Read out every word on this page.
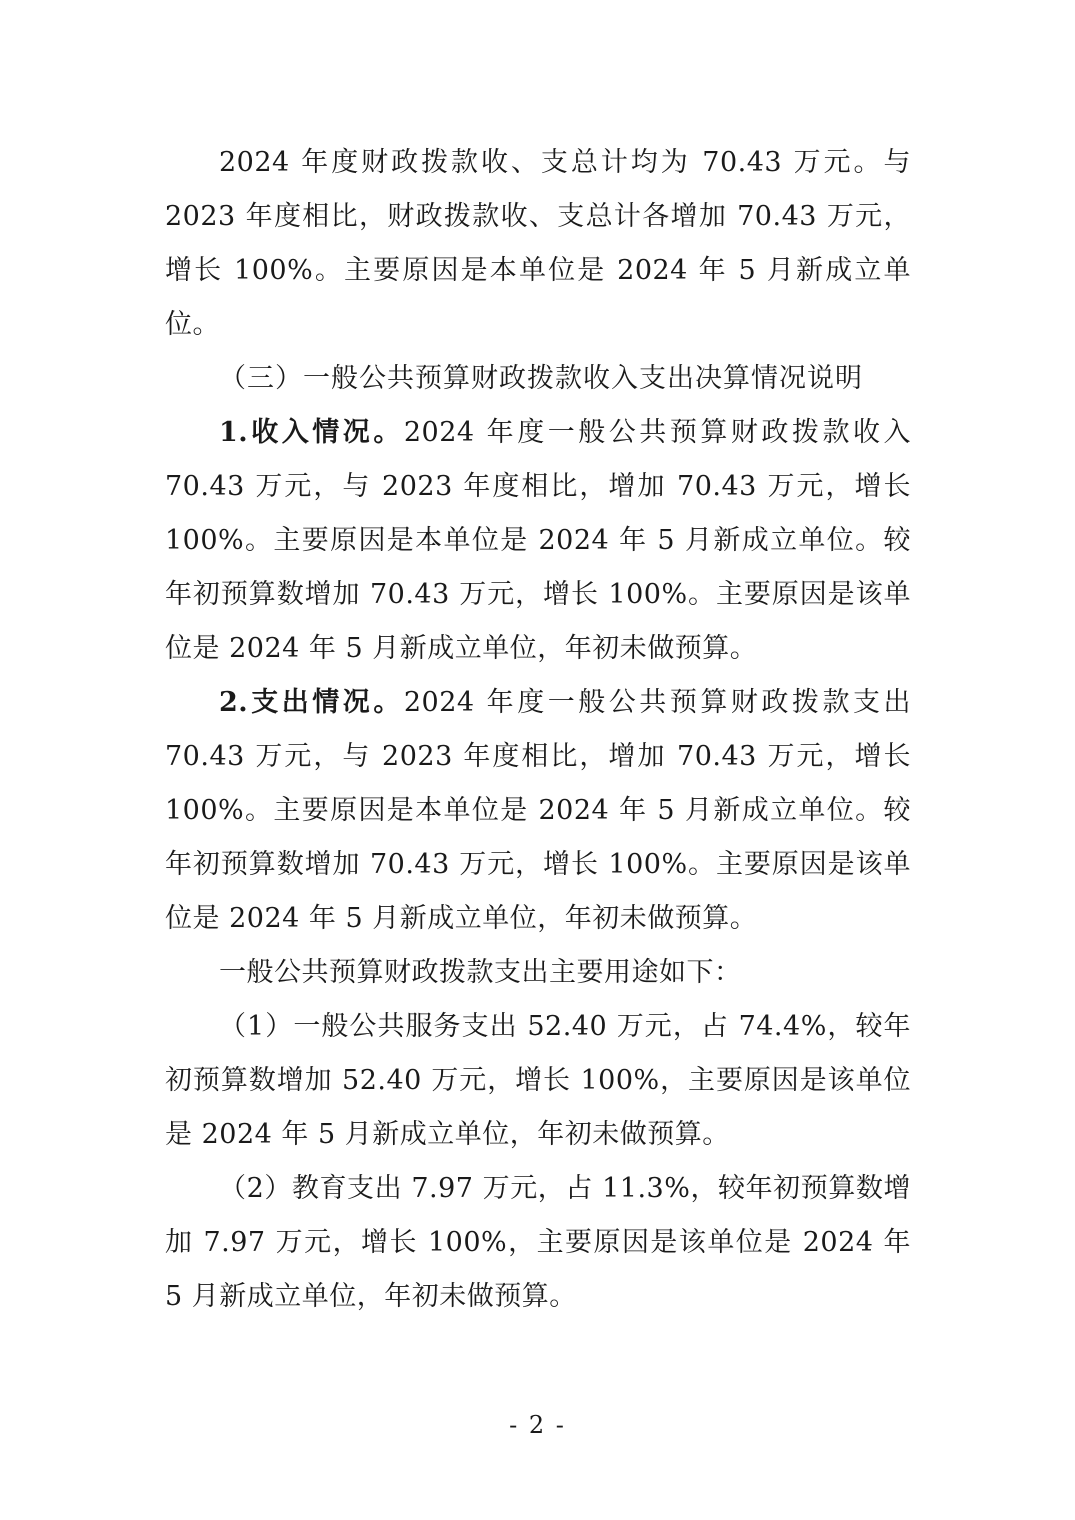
2024 年度财政拨款收、支总计均为 70.43 万元。与 2023 年度相比，财政拨款收、支总计各增加 70.43 万元，增长 100%。主要原因是本单位是 2024 年 5 月新成立单位。

（三）一般公共预算财政拨款收入支出决算情况说明

1.收入情况。2024 年度一般公共预算财政拨款收入 70.43 万元，与 2023 年度相比，增加 70.43 万元，增长 100%。主要原因是本单位是 2024 年 5 月新成立单位。较年初预算数增加 70.43 万元，增长 100%。主要原因是该单位是 2024 年 5 月新成立单位，年初未做预算。

2.支出情况。2024 年度一般公共预算财政拨款支出 70.43 万元，与 2023 年度相比，增加 70.43 万元，增长 100%。主要原因是本单位是 2024 年 5 月新成立单位。较年初预算数增加 70.43 万元，增长 100%。主要原因是该单位是 2024 年 5 月新成立单位，年初未做预算。

一般公共预算财政拨款支出主要用途如下：

（1）一般公共服务支出 52.40 万元，占 74.4%，较年初预算数增加 52.40 万元，增长 100%，主要原因是该单位是 2024 年 5 月新成立单位，年初未做预算。

（2）教育支出 7.97 万元，占 11.3%，较年初预算数增加 7.97 万元，增长 100%，主要原因是该单位是 2024 年 5 月新成立单位，年初未做预算。

- 2 -
